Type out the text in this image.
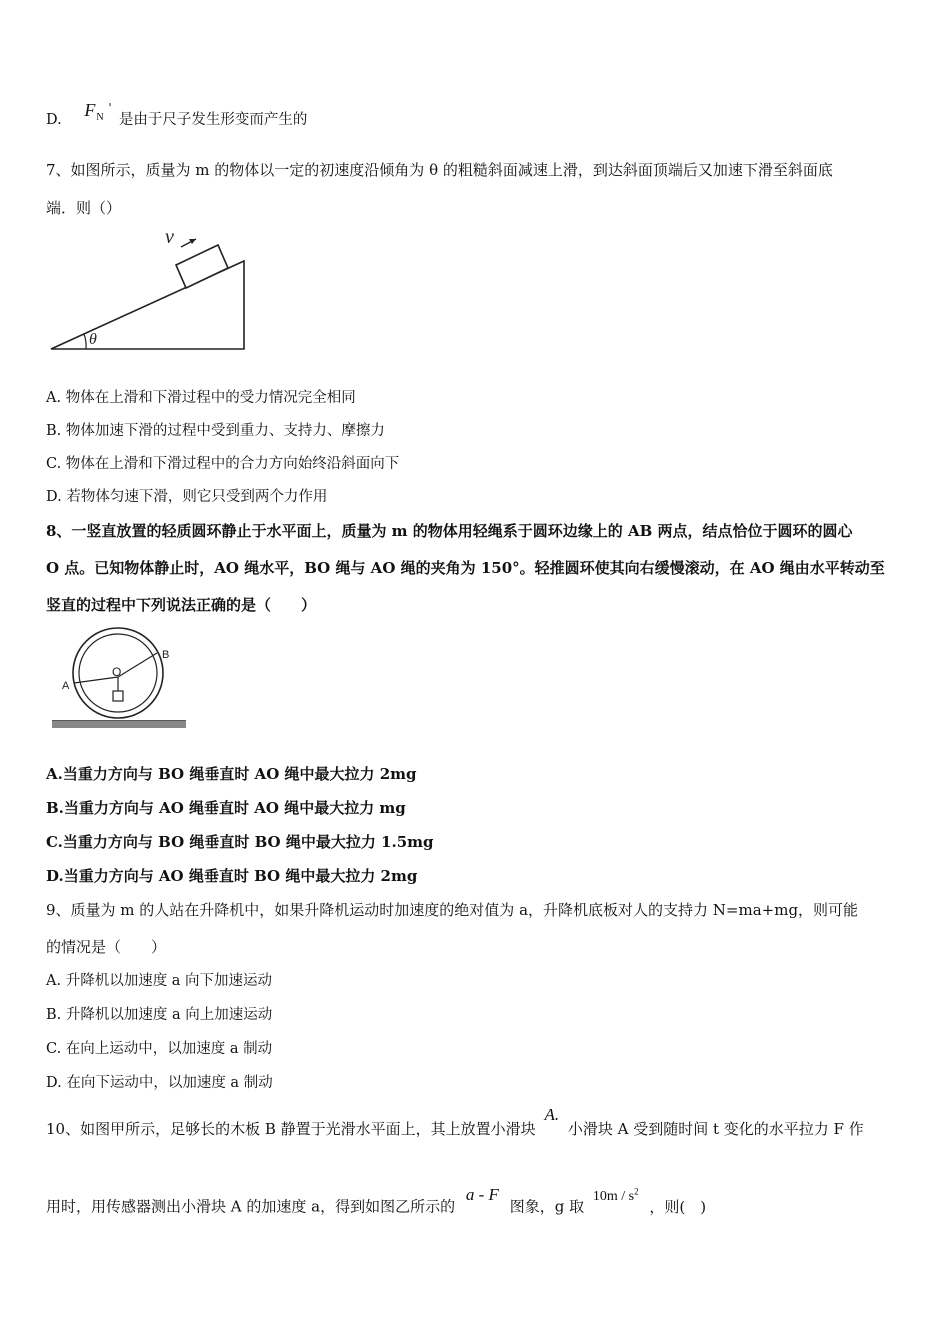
D. F N
'
是由于尺子发生形变而产生的
7、如图所示，质量为 m 的物体以一定的初速度沿倾角为 θ 的粗糙斜面减速上滑，到达斜面顶端后又加速下滑至斜面底
端．则（）
v
θ
A. 物体在上滑和下滑过程中的受力情况完全相同
B. 物体加速下滑的过程中受到重力、支持力、摩擦力
C. 物体在上滑和下滑过程中的合力方向始终沿斜面向下
D. 若物体匀速下滑，则它只受到两个力作用
8、一竖直放置的轻质圆环静止于水平面上，质量为 m 的物体用轻绳系于圆环边缘上的 AB 两点，结点恰位于圆环的圆心
O 点。已知物体静止时，AO 绳水平，BO 绳与 AO 绳的夹角为 150°。轻推圆环使其向右缓慢滚动，在 AO 绳由水平转动至
竖直的过程中下列说法正确的是（　　）
A
B
O
A.当重力方向与 BO 绳垂直时 AO 绳中最大拉力 2mg
B.当重力方向与 AO 绳垂直时 AO 绳中最大拉力 mg
C.当重力方向与 BO 绳垂直时 BO 绳中最大拉力 1.5mg
D.当重力方向与 AO 绳垂直时 BO 绳中最大拉力 2mg
9、质量为 m 的人站在升降机中，如果升降机运动时加速度的绝对值为 a，升降机底板对人的支持力 N=ma+mg，则可能
的情况是（　　）
A. 升降机以加速度 a 向下加速运动
B. 升降机以加速度 a 向上加速运动
C. 在向上运动中，以加速度 a 制动
D. 在向下运动中，以加速度 a 制动
10、如图甲所示，足够长的木板 B 静置于光滑水平面上，其上放置小滑块 A. 小滑块 A 受到随时间 t 变化的水平拉力 F 作
用时，用传感器测出小滑块 A 的加速度 a，得到如图乙所示的 a - F 图象，g 取 $10m / s^2$ ，则(　)
